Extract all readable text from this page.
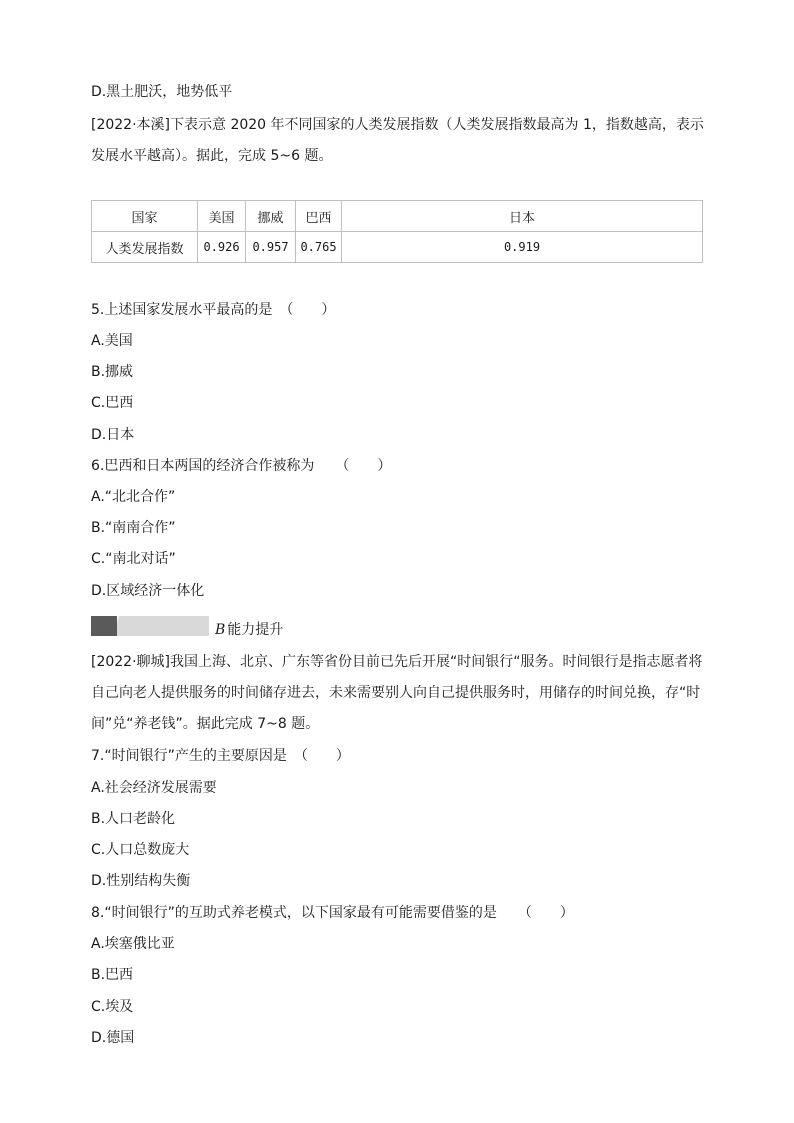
D.黑土肥沃，地势低平
[2022·本溪]下表示意 2020 年不同国家的人类发展指数（人类发展指数最高为 1，指数越高，表示发展水平越高）。据此，完成 5~6 题。
国家	美国	挪威	巴西	日本
人类发展指数	0.926	0.957	0.765	0.919
5.上述国家发展水平最高的是　（　　）
A.美国
B.挪威
C.巴西
D.日本
6.巴西和日本两国的经济合作被称为　　（　　）
A.“北北合作”
B.“南南合作”
C.“南北对话”
D.区域经济一体化
B 能力提升
[2022·聊城]我国上海、北京、广东等省份目前已先后开展“时间银行“服务。时间银行是指志愿者将自己向老人提供服务的时间储存进去，未来需要别人向自己提供服务时，用储存的时间兑换，存“时间”兑“养老钱”。据此完成 7~8 题。
7.“时间银行”产生的主要原因是　（　　）
A.社会经济发展需要
B.人口老龄化
C.人口总数庞大
D.性别结构失衡
8.“时间银行”的互助式养老模式，以下国家最有可能需要借鉴的是　　（　　）
A.埃塞俄比亚
B.巴西
C.埃及
D.德国
